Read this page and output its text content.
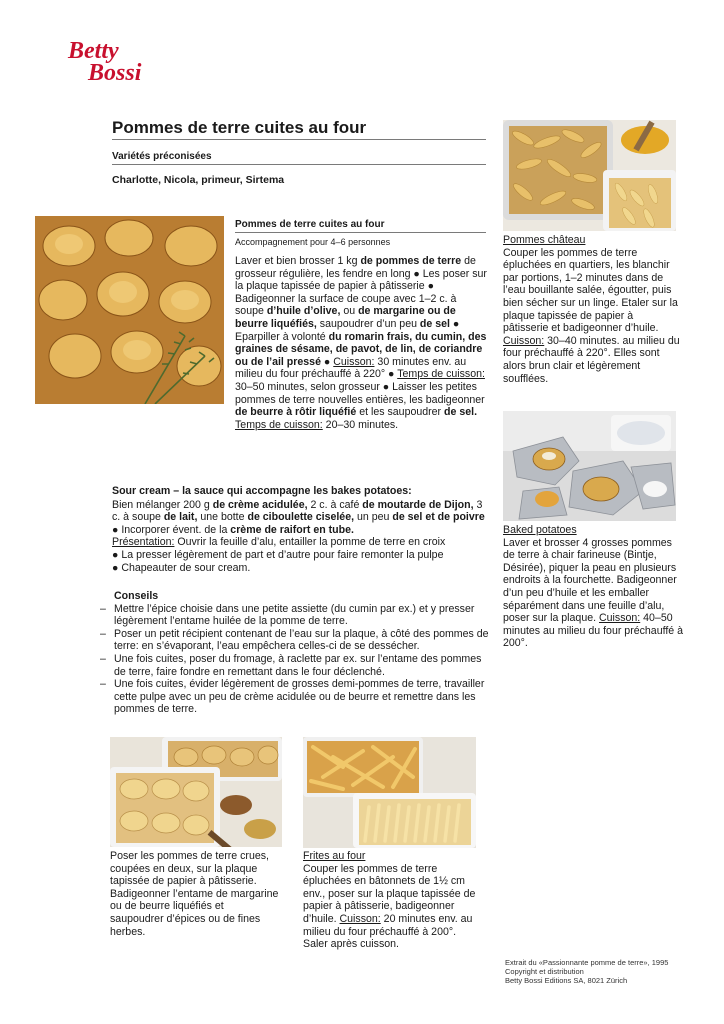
Betty
Bossi
Pommes de terre cuites au four
Variétés préconisées
Charlotte, Nicola, primeur, Sirtema
Pommes château
Couper les pommes de terre épluchées en quartiers, les blanchir par portions, 1–2 minutes dans de l’eau bouillante salée, égoutter, puis bien sécher sur un linge. Etaler sur la plaque tapissée de papier à pâtisserie et badigeonner d’huile. Cuisson: 30–40 minutes. au milieu du four préchauffé à 220°. Elles sont alors brun clair et légèrement soufflées.
Pommes de terre cuites au four
Accompagnement pour 4–6 personnes
Laver et bien brosser 1 kg de pommes de terre de grosseur régulière, les fendre en long ● Les poser sur la plaque tapissée de papier à pâtisserie ● Badigeonner la surface de coupe avec 1–2 c. à soupe d’huile d’olive, ou de margarine ou de beurre liquéfiés, saupoudrer d’un peu de sel ● Eparpiller à volonté du romarin frais, du cumin, des graines de sésame, de pavot, de lin, de coriandre ou de l’ail pressé ● Cuisson: 30 minutes env. au milieu du four préchauffé à 220° ● Temps de cuisson: 30–50 minutes, selon grosseur ● Laisser les petites pommes de terre nouvelles entières, les badigeonner de beurre à rôtir liquéfié et les saupoudrer de sel. Temps de cuisson: 20–30 minutes.
Baked potatoes
Laver et brosser 4 grosses pommes de terre à chair farineuse (Bintje, Désirée), piquer la peau en plusieurs endroits à la fourchette. Badigeonner d’un peu d’huile et les emballer séparément dans une feuille d’alu, poser sur la plaque. Cuisson: 40–50 minutes au milieu du four préchauffé à 200°.
Sour cream – la sauce qui accompagne les bakes potatoes:
Bien mélanger 200 g de crème acidulée, 2 c. à café de moutarde de Dijon, 3 c. à soupe de lait, une botte de ciboulette ciselée, un peu de sel et de poivre ● Incorporer évent. de la crème de raifort en tube.
Présentation: Ouvrir la feuille d’alu, entailler la pomme de terre en croix
● La presser légèrement de part et d’autre pour faire remonter la pulpe
● Chapeauter de sour cream.
Conseils
– Mettre l’épice choisie dans une petite assiette (du cumin par ex.) et y presser légèrement l’entame huilée de la pomme de terre.
– Poser un petit récipient contenant de l’eau sur la plaque, à côté des pommes de terre: en s’évaporant, l’eau empêchera celles-ci de se dessécher.
– Une fois cuites, poser du fromage, à raclette par ex. sur l’entame des pommes de terre, faire fondre en remettant dans le four déclenché.
– Une fois cuites, évider légèrement de grosses demi-pommes de terre, travailler cette pulpe avec un peu de crème acidulée ou de beurre et remettre dans les pommes de terre.
Poser les pommes de terre crues, coupées en deux, sur la plaque tapissée de papier à pâtisserie. Badigeonner l’entame de margarine ou de beurre liquéfiés et saupoudrer d’épices ou de fines herbes.
Frites au four
Couper les pommes de terre épluchées en bâtonnets de 1½ cm env., poser sur la plaque tapissée de papier à pâtisserie, badigeonner d’huile. Cuisson: 20 minutes env. au milieu du four préchauffé à 200°. Saler après cuisson.
Extrait du «Passionnante pomme de terre», 1995
Copyright et distribution
Betty Bossi Editions SA, 8021 Zürich
